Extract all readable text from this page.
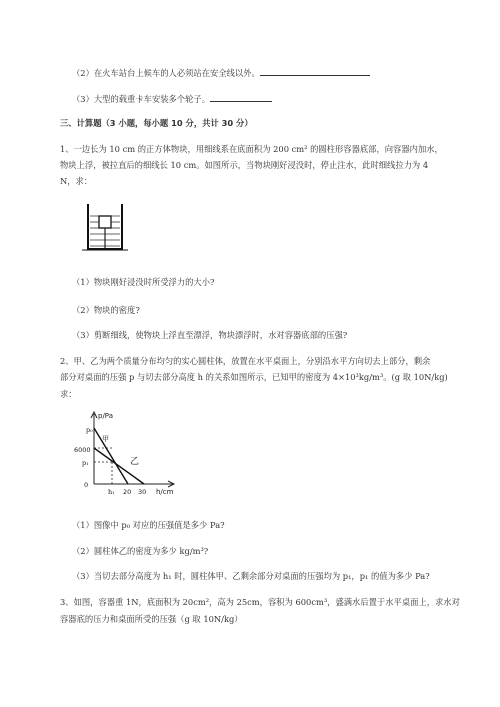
（2）在火车站台上候车的人必须站在安全线以外。
（3）大型的载重卡车安装多个轮子。
三、计算题（3 小题，每小题 10 分，共计 30 分）
1、一边长为 10 cm 的正方体物块，用细线系在底面积为 200 cm² 的圆柱形容器底部，向容器内加水，
物块上浮，被拉直后的细线长 10 cm。如图所示，当物块刚好浸没时，停止注水，此时细线拉力为 4
N，求：
（1）物块刚好浸没时所受浮力的大小?
（2）物块的密度?
（3）剪断细线，使物块上浮直至漂浮，物块漂浮时，水对容器底部的压强?
2、甲、乙为两个质量分布均匀的实心圆柱体，放置在水平桌面上，分别沿水平方向切去上部分，剩余
部分对桌面的压强 p 与切去部分高度 h 的关系如图所示，已知甲的密度为 4×10³kg/m³。(g 取 10N/kg)
求：
p/Pa
p₀
6000
p₁
0
h₁ 20 30 h/cm
甲
乙
（1）图像中 p₀ 对应的压强值是多少 Pa?
（2）圆柱体乙的密度为多少 kg/m³?
（3）当切去部分高度为 h₁ 时，圆柱体甲、乙剩余部分对桌面的压强均为 p₁，p₁ 的值为多少 Pa?
3、如图，容器重 1N，底面积为 20cm²，高为 25cm，容积为 600cm³，盛满水后置于水平桌面上，求水对
容器底的压力和桌面所受的压强（g 取 10N/kg）
